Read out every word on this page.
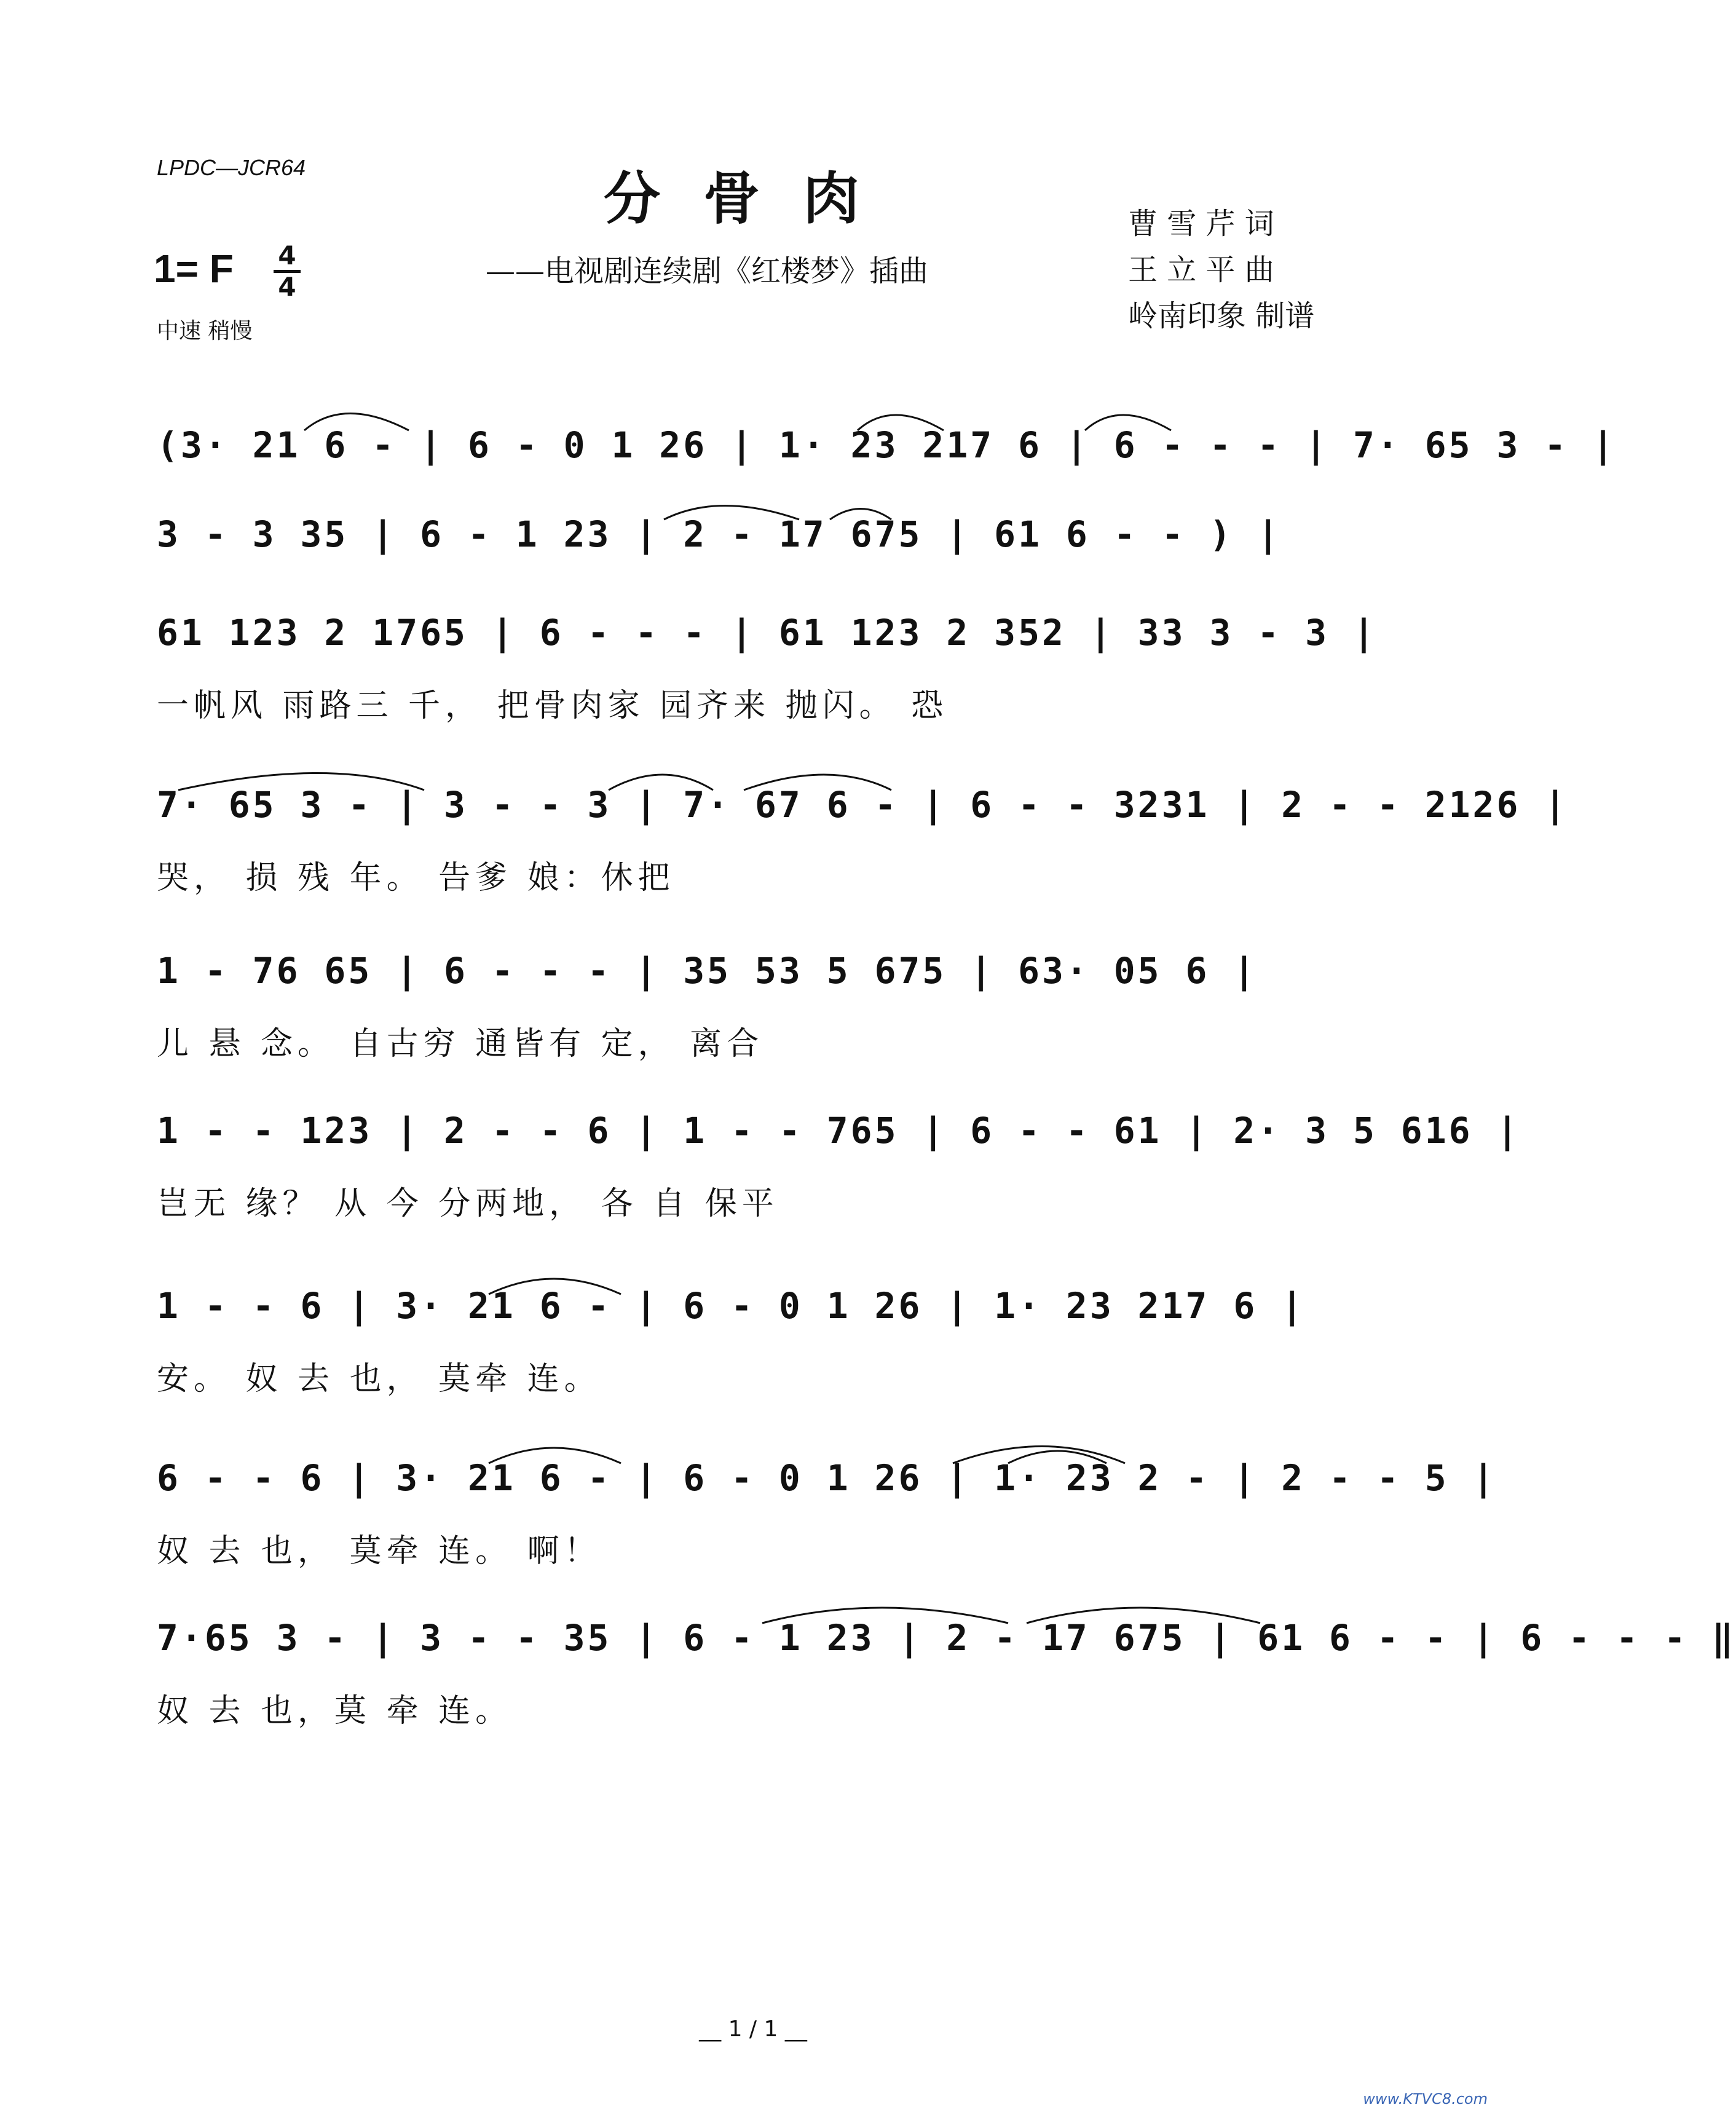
LPDC—JCR64	分骨肉
——电视剧连续剧《红楼梦》插曲
曹 雪 芹 词
王 立 平 曲
岭南印象 制谱
1= F 4
4
中速 稍慢
(3· 21 6 - | 6 - 0 1 26 | 1· 23 217 6 | 6 - - - | 7· 65 3 - |
3 - 3 35 | 6 - 1 23 | 2 - 17 675 | 61 6 - - ) |
61 123 2 1765 | 6 - - - | 61 123 2 352 | 33 3 - 3 |
一帆风 雨路三 千， 把骨肉家 园齐来 抛闪。 恐
7· 65 3 - | 3 - - 3 | 7· 67 6 - | 6 - - 3231 | 2 - - 2126 |
哭， 损 残 年。 告爹 娘：休把
1 - 76 65 | 6 - - - | 35 53 5 675 | 63· 05 6 |
儿 悬 念。 自古穷 通皆有 定， 离合
1 - - 123 | 2 - - 6 | 1 - - 765 | 6 - - 61 | 2· 3 5 616 |
岂无 缘？ 从 今 分两地， 各 自 保平
1 - - 6 | 3· 21 6 - | 6 - 0 1 26 | 1· 23 217 6 |
安。 奴 去 也， 莫牵 连。
6 - - 6 | 3· 21 6 - | 6 - 0 1 26 | 1· 23 2 - | 2 - - 5 |
奴 去 也， 莫牵 连。 啊！
7·65 3 - | 3 - - 35 | 6 - 1 23 | 2 - 17 675 | 61 6 - - | 6 - - - ‖
奴 去 也，莫 牵 连。
__ 1 / 1 __
www.KTVC8.com
